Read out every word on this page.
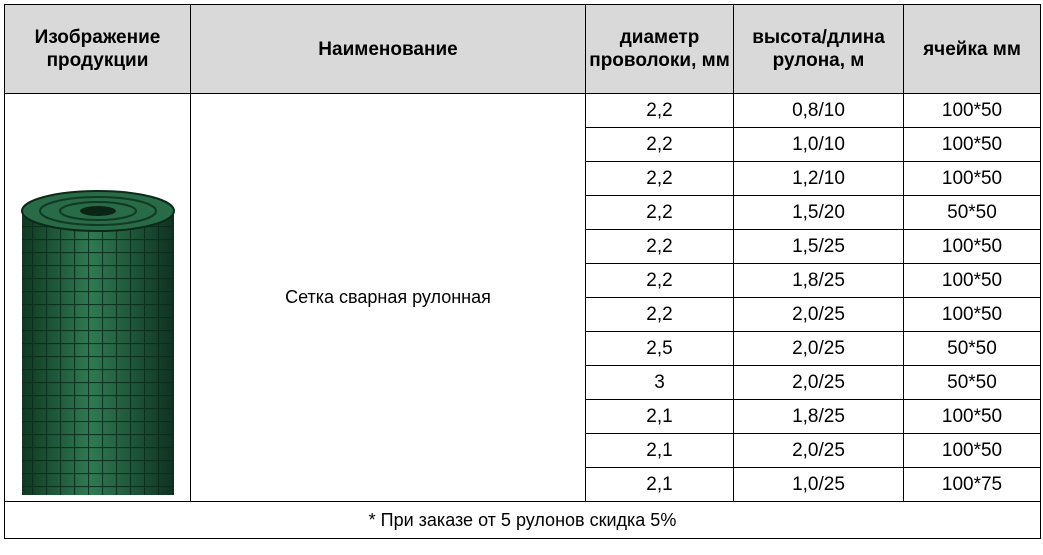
Изображение продукции	Наименование	диаметр проволоки, мм	высота/длина рулона, м	ячейка мм

	Сетка сварная рулонная	2,2	0,8/10	100*50
		2,2	1,0/10	100*50
		2,2	1,2/10	100*50
		2,2	1,5/20	50*50
		2,2	1,5/25	100*50
		2,2	1,8/25	100*50
		2,2	2,0/25	100*50
		2,5	2,0/25	50*50
		3	2,0/25	50*50
		2,1	1,8/25	100*50
		2,1	2,0/25	100*50
		2,1	1,0/25	100*75
* При заказе от 5 рулонов скидка 5%				
